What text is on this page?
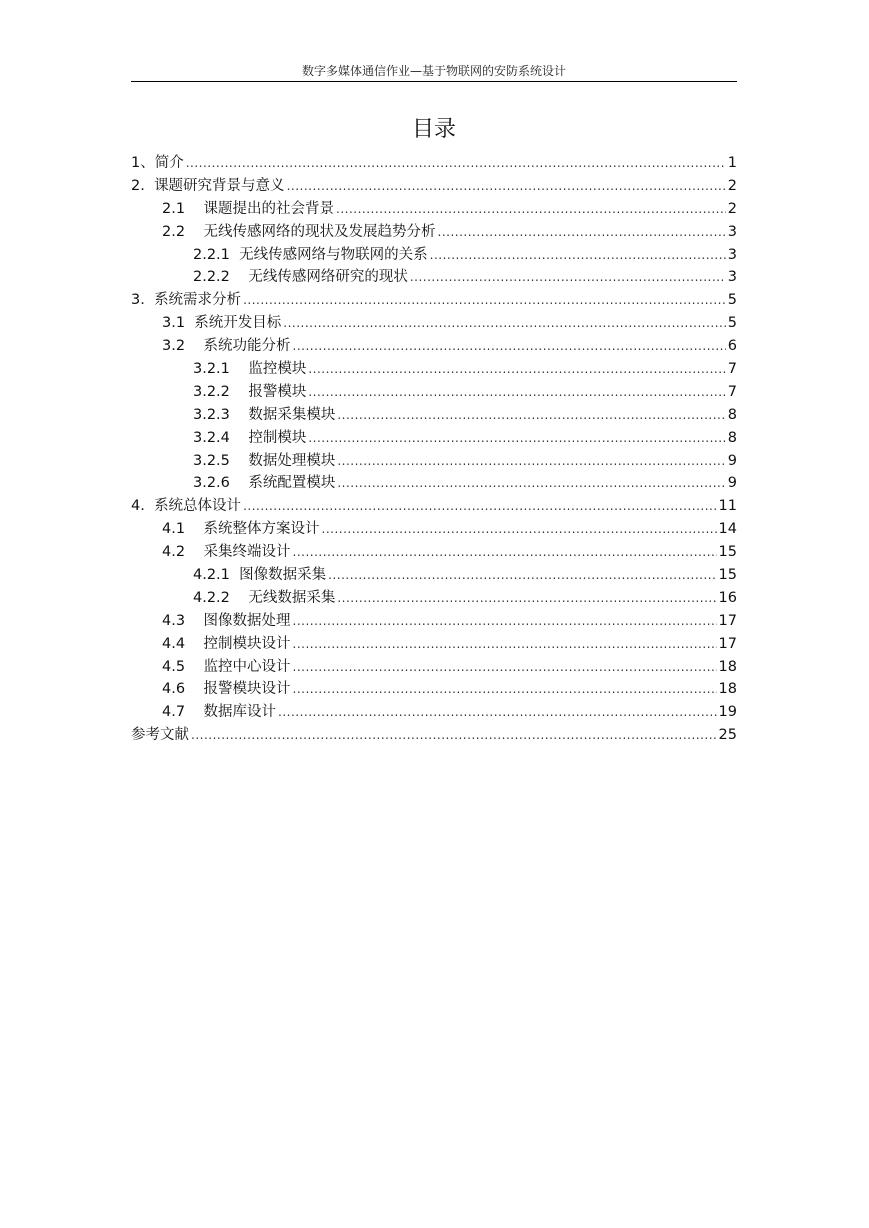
数字多媒体通信作业—基于物联网的安防系统设计
目录
1、 简介 .....	1
2. 课题研究背景与意义 .....	2
2.1 课题提出的社会背景 .....	2
2.2 无线传感网络的现状及发展趋势分析 .....	3
2.2.1 无线传感网络与物联网的关系 .....	3
2.2.2 无线传感网络研究的现状 .....	3
3. 系统需求分析 .....	5
3.1 系统开发目标 .....	5
3.2 系统功能分析 .....	6
3.2.1 监控模块 .....	7
3.2.2 报警模块 .....	7
3.2.3 数据采集模块 .....	8
3.2.4 控制模块 .....	8
3.2.5 数据处理模块 .....	9
3.2.6 系统配置模块 .....	9
4. 系统总体设计 .....	11
4.1 系统整体方案设计 .....	14
4.2 采集终端设计 .....	15
4.2.1 图像数据采集 .....	15
4.2.2 无线数据采集 .....	16
4.3 图像数据处理 .....	17
4.4 控制模块设计 .....	17
4.5 监控中心设计 .....	18
4.6 报警模块设计 .....	18
4.7 数据库设计 .....	19
参考文献 .....	25
